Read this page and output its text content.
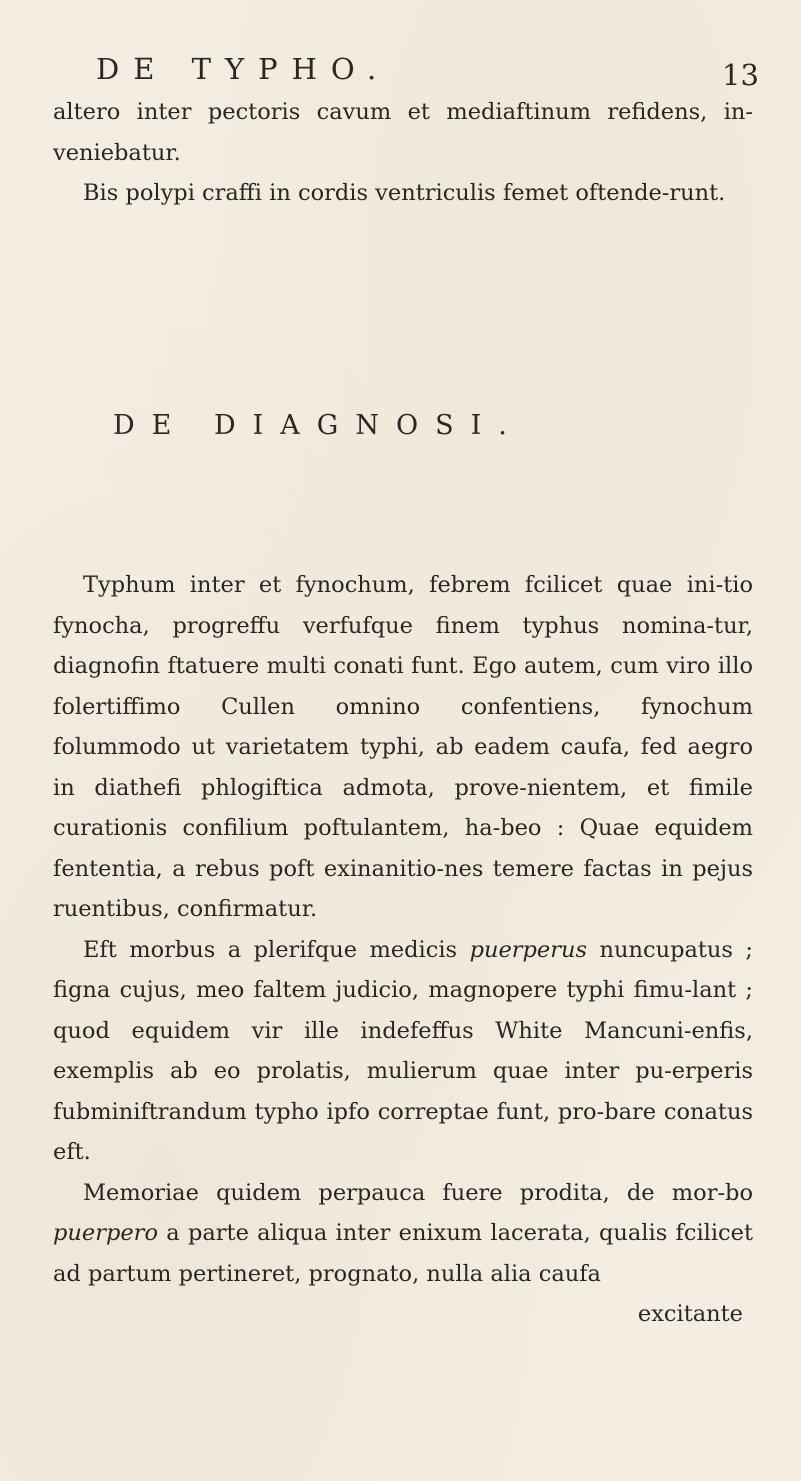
DE TYPHO.	13

altero inter pectoris cavum et mediaftinum refidens, in-veniebatur.

Bis polypi craffi in cordis ventriculis femet oftende-runt.

DE DIAGNOSI.

Typhum inter et fynochum, febrem fcilicet quae ini-tio fynocha, progreffu verfufque finem typhus nomina-tur, diagnofin ftatuere multi conati funt. Ego autem, cum viro illo folertiffimo Cullen omnino confentiens, fynochum folummodo ut varietatem typhi, ab eadem caufa, fed aegro in diathefi phlogiftica admota, prove-nientem, et fimile curationis confilium poftulantem, ha-beo : Quae equidem fententia, a rebus poft exinanitio-nes temere factas in pejus ruentibus, confirmatur.

Eft morbus a plerifque medicis puerperus nuncupatus ; figna cujus, meo faltem judicio, magnopere typhi fimu-lant ; quod equidem vir ille indefeffus White Mancuni-enfis, exemplis ab eo prolatis, mulierum quae inter pu-erperis fubminiftrandum typho ipfo correptae funt, pro-bare conatus eft.

Memoriae quidem perpauca fuere prodita, de mor-bo puerpero a parte aliqua inter enixum lacerata, qualis fcilicet ad partum pertineret, prognato, nulla alia caufa

excitante
